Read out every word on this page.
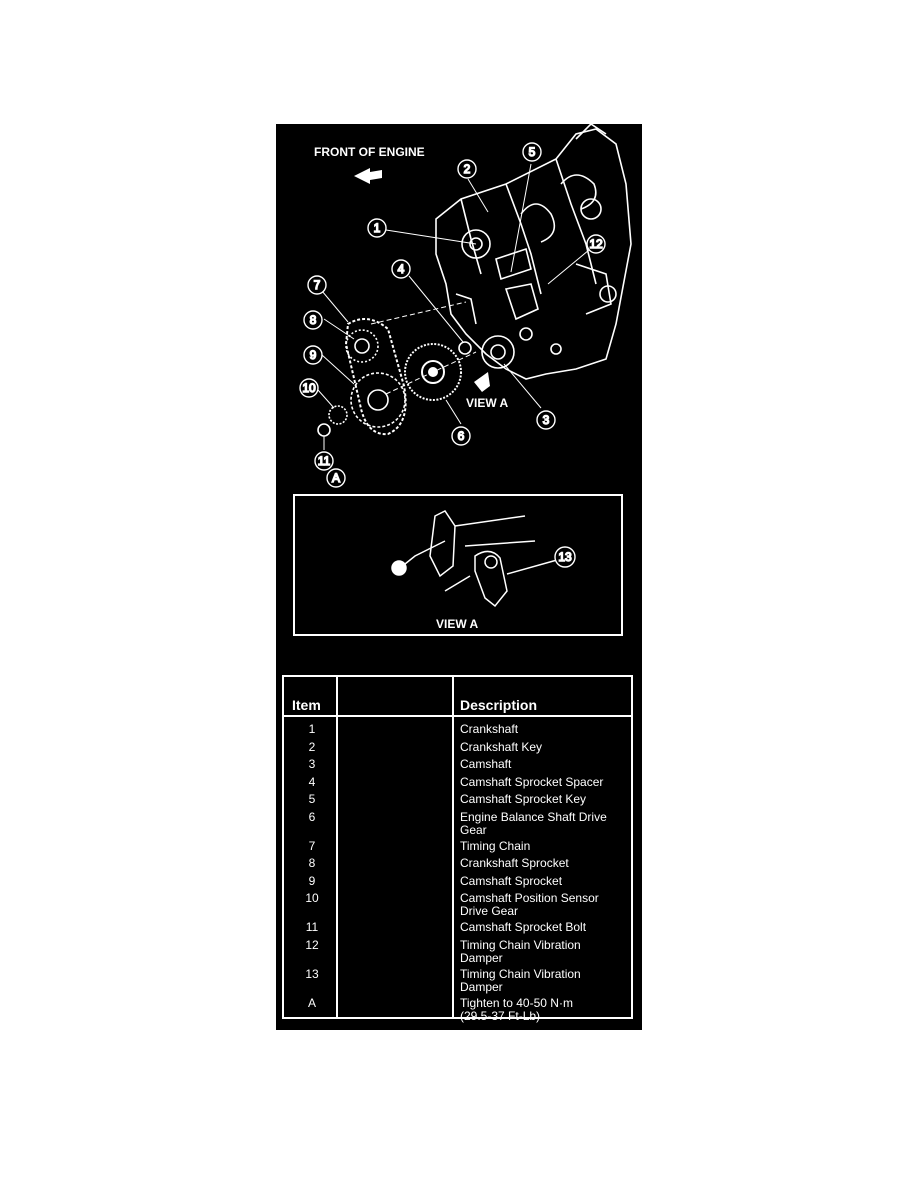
FRONT OF ENGINE
VIEW A
1
2
3
4
5
6
7
8
9
10
11
A
12
13
VIEW A
Item	Description
1	Crankshaft
2	Crankshaft Key
3	Camshaft
4	Camshaft Sprocket Spacer
5	Camshaft Sprocket Key
6	Engine Balance Shaft Drive
Gear
7	Timing Chain
8	Crankshaft Sprocket
9	Camshaft Sprocket
10	Camshaft Position Sensor
Drive Gear
11	Camshaft Sprocket Bolt
12	Timing Chain Vibration
Damper
13	Timing Chain Vibration
Damper
A	Tighten to 40-50 N·m
(29.5-37 Ft-Lb)
